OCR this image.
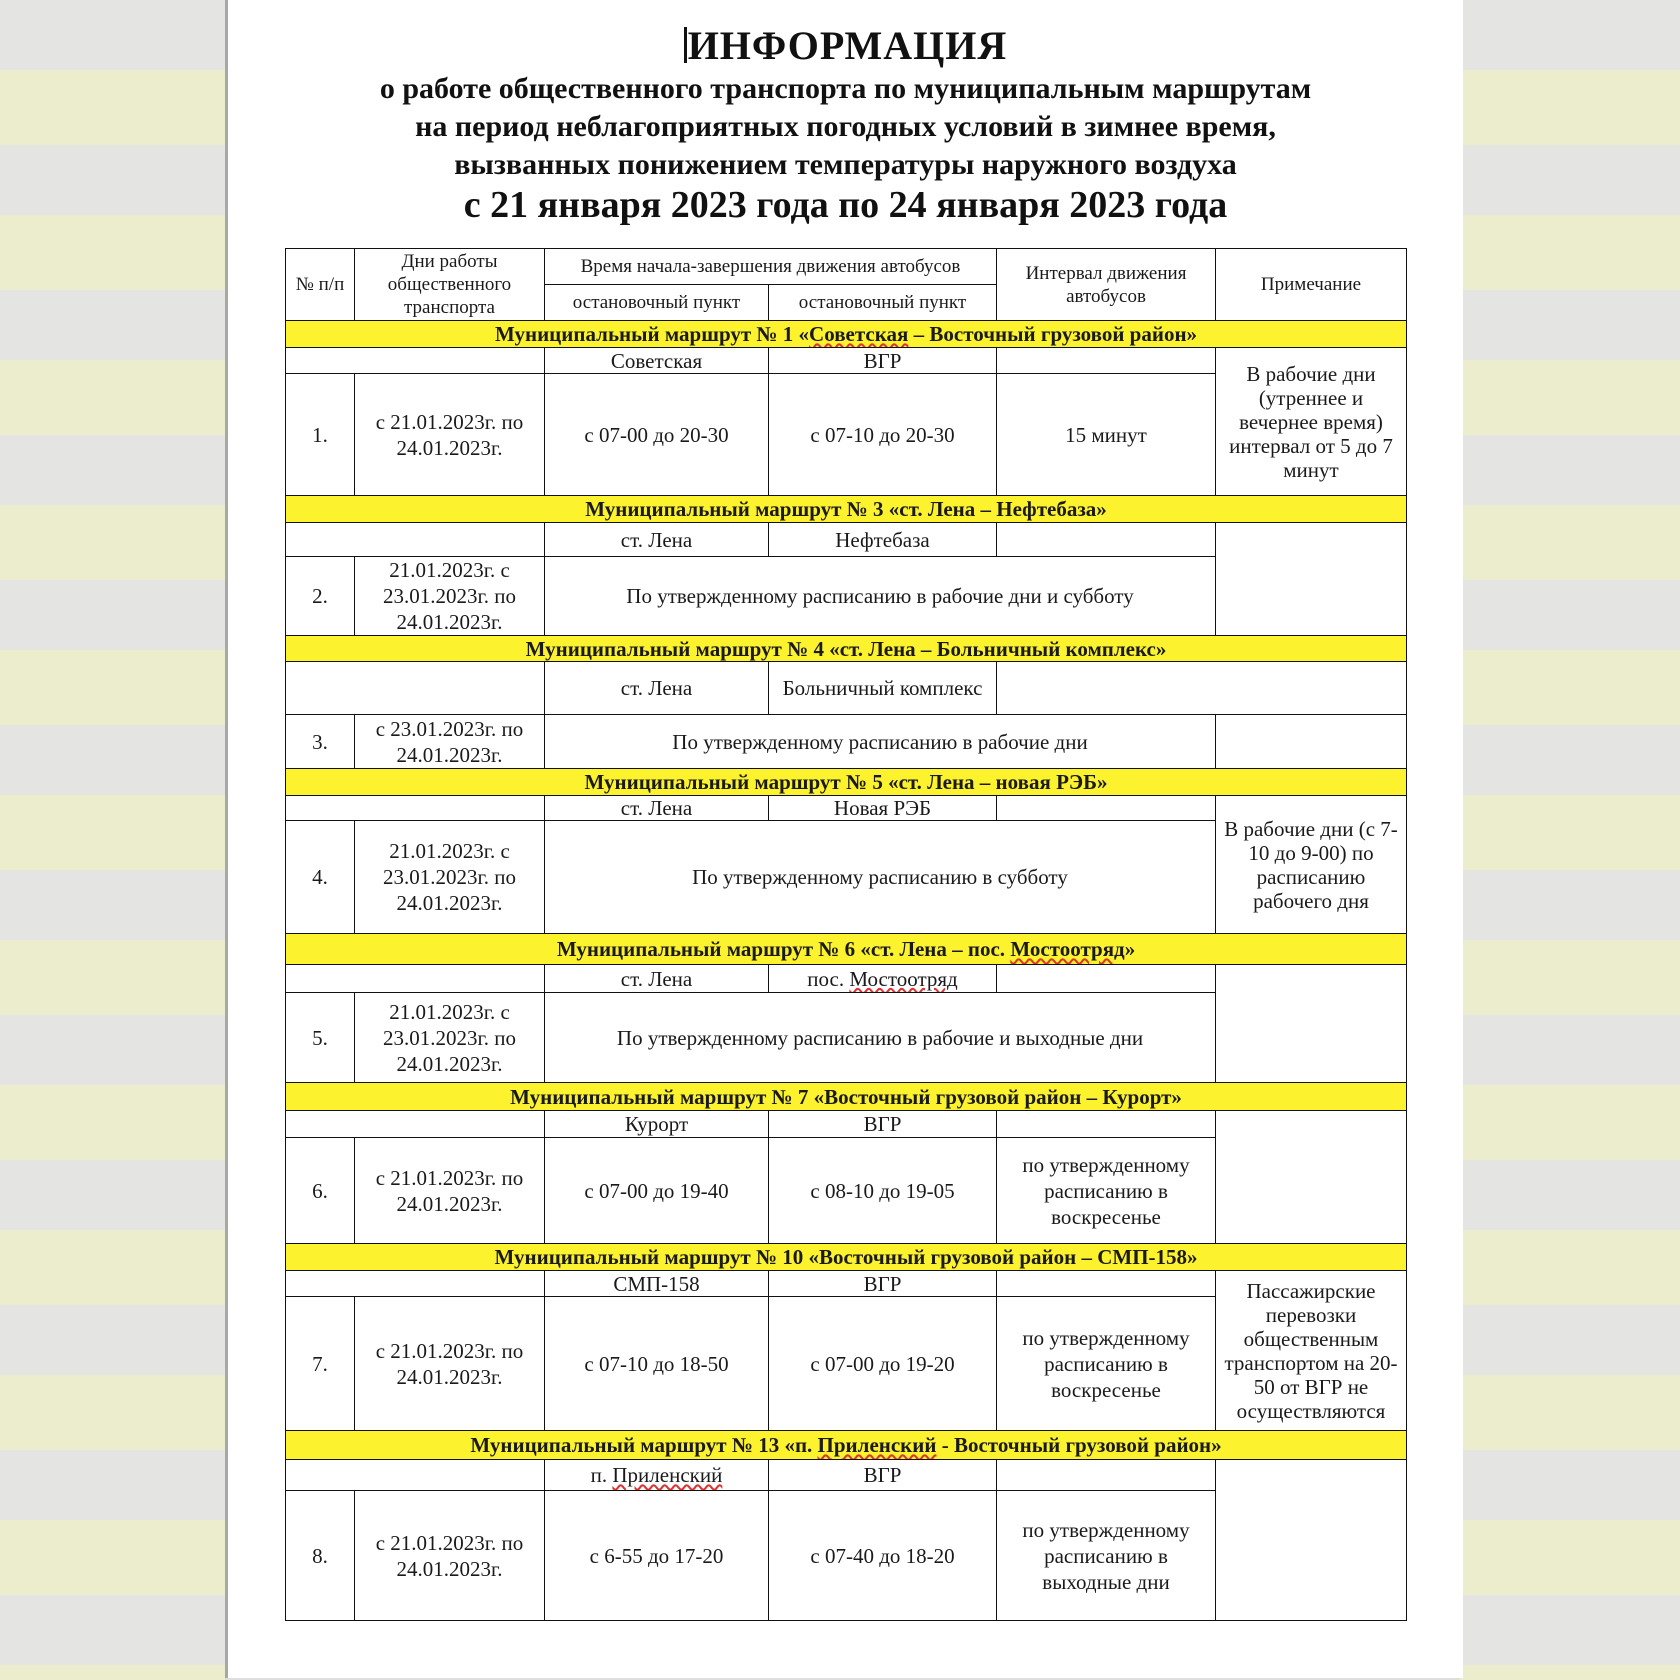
ИНФОРМАЦИЯ
о работе общественного транспорта по муниципальным маршрутам
на период неблагоприятных погодных условий в зимнее время,
вызванных понижением температуры наружного воздуха
с 21 января 2023 года по 24 января 2023 года
№ п/п	Дни работы общественного транспорта	Время начала-завершения движения автобусов		Интервал движения автобусов	Примечание
		остановочный пункт	остановочный пункт		
Муниципальный маршрут № 1 «Советская – Восточный грузовой район»					
		Советская	ВГР		В рабочие дни (утреннее и вечернее время) интервал от 5 до 7 минут
1.	с 21.01.2023г. по 24.01.2023г.	с 07-00 до 20-30	с 07-10 до 20-30	15 минут	
Муниципальный маршрут № 3 «ст. Лена – Нефтебаза»					
		ст. Лена	Нефтебаза		
2.	21.01.2023г. с 23.01.2023г. по 24.01.2023г.	По утвержденному расписанию в рабочие дни и субботу			
Муниципальный маршрут № 4 «ст. Лена – Больничный комплекс»					
		ст. Лена	Больничный комплекс		
3.	с 23.01.2023г. по 24.01.2023г.	По утвержденному расписанию в рабочие дни			
Муниципальный маршрут № 5 «ст. Лена – новая РЭБ»					
		ст. Лена	Новая РЭБ		В рабочие дни (с 7-10 до 9-00) по расписанию рабочего дня
4.	21.01.2023г. с 23.01.2023г. по 24.01.2023г.	По утвержденному расписанию в субботу			
Муниципальный маршрут № 6 «ст. Лена – пос. Мостоотряд»					
		ст. Лена	пос. Мостоотряд		
5.	21.01.2023г. с 23.01.2023г. по 24.01.2023г.	По утвержденному расписанию в рабочие и выходные дни			
Муниципальный маршрут № 7 «Восточный грузовой район – Курорт»					
		Курорт	ВГР		
6.	с 21.01.2023г. по 24.01.2023г.	с 07-00 до 19-40	с 08-10 до 19-05	по утвержденному расписанию в воскресенье	
Муниципальный маршрут № 10 «Восточный грузовой район – СМП-158»					
		СМП-158	ВГР		Пассажирские перевозки общественным транспортом на 20-50 от ВГР не осуществляются
7.	с 21.01.2023г. по 24.01.2023г.	с 07-10 до 18-50	с 07-00 до 19-20	по утвержденному расписанию в воскресенье	
Муниципальный маршрут № 13 «п. Приленский - Восточный грузовой район»					
		п. Приленский	ВГР		
8.	с 21.01.2023г. по 24.01.2023г.	с 6-55 до 17-20	с 07-40 до 18-20	по утвержденному расписанию в выходные дни	
